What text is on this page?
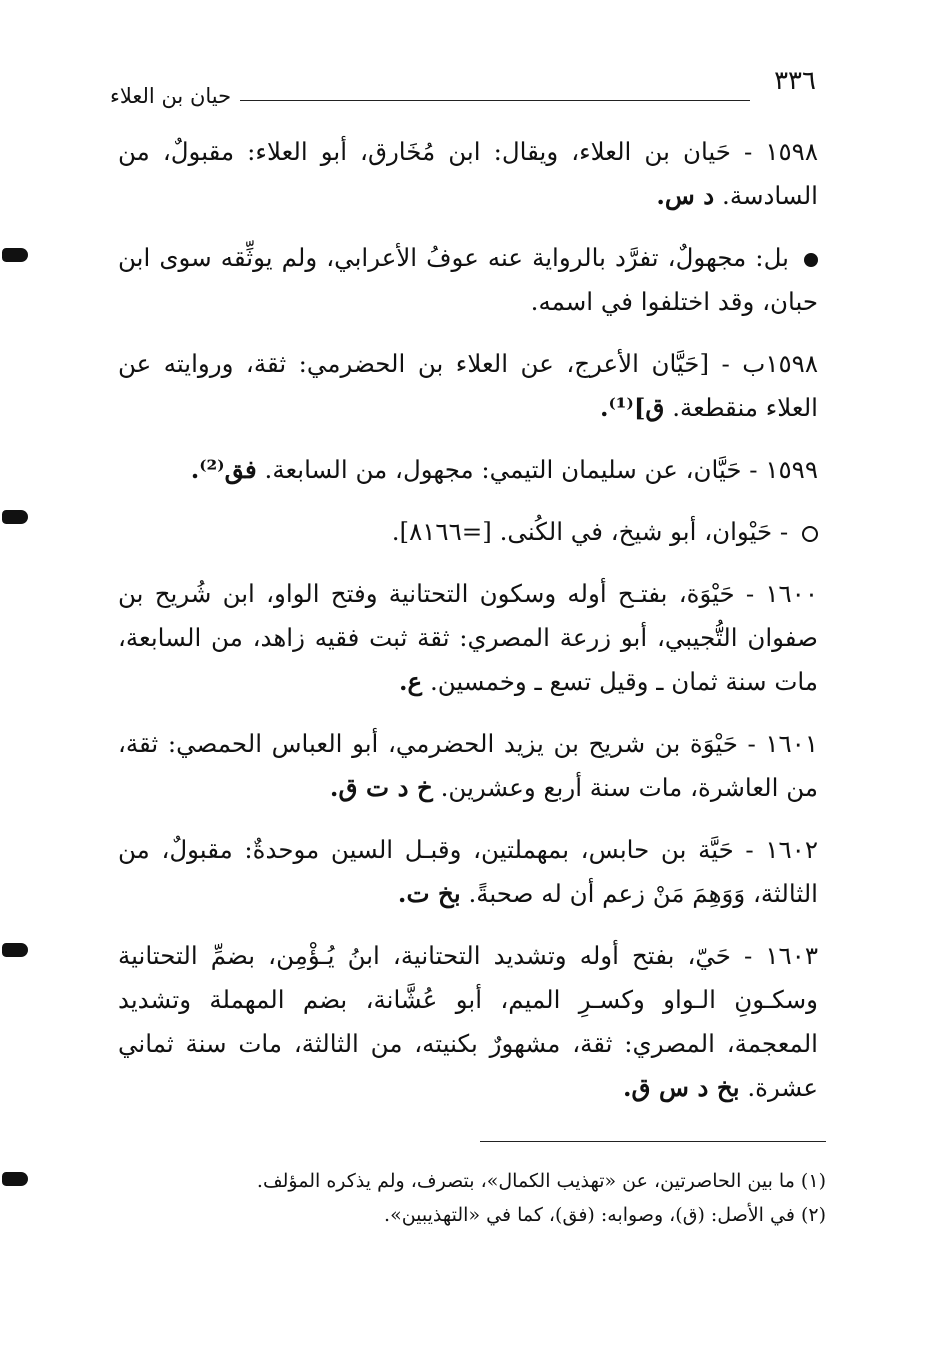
٣٣٦
حيان بن العلاء

١٥٩٨ - حَيان بن العلاء، ويقال: ابن مُخَارق، أبو العلاء: مقبولٌ، من السادسة. د س.

بل: مجهولٌ، تفرَّد بالرواية عنه عوفُ الأعرابي، ولم يوثِّقه سوى ابن حبان، وقد اختلفوا في اسمه.

١٥٩٨ب - [حَيَّان الأعرج، عن العلاء بن الحضرمي: ثقة، وروايته عن العلاء منقطعة. ق]⁽¹⁾.

١٥٩٩ - حَيَّان، عن سليمان التيمي: مجهول، من السابعة. فق⁽²⁾.

- حَيْوان، أبو شيخ، في الكُنى. [=٨١٦٦].

١٦٠٠ - حَيْوَة، بفتـح أوله وسكون التحتانية وفتح الواو، ابن شُريح بن صفوان التُّجيبي، أبو زرعة المصري: ثقة ثبت فقيه زاهد، من السابعة، مات سنة ثمان ـ وقيل تسع ـ وخمسين. ع.

١٦٠١ - حَيْوَة بن شريح بن يزيد الحضرمي، أبو العباس الحمصي: ثقة، من العاشرة، مات سنة أربع وعشرين. خ د ت ق.

١٦٠٢ - حَيَّة بن حابس، بمهملتين، وقبـل السين موحدةٌ: مقبولٌ، من الثالثة، وَوَهِمَ مَنْ زعم أن له صحبةً. بخ ت.

١٦٠٣ - حَيّ، بفتح أوله وتشديد التحتانية، ابنُ يُـؤْمِن، بضمِّ التحتانية وسكـونِ الـواو وكسـرِ الميم، أبو عُشَّانة، بضم المهملة وتشديد المعجمة، المصري: ثقة، مشهورٌ بكنيته، من الثالثة، مات سنة ثماني عشرة. بخ د س ق.

(١) ما بين الحاصرتين، عن «تهذيب الكمال»، بتصرف، ولم يذكره المؤلف.

(٢) في الأصل: (ق)، وصوابه: (فق)، كما في «التهذيبين».
